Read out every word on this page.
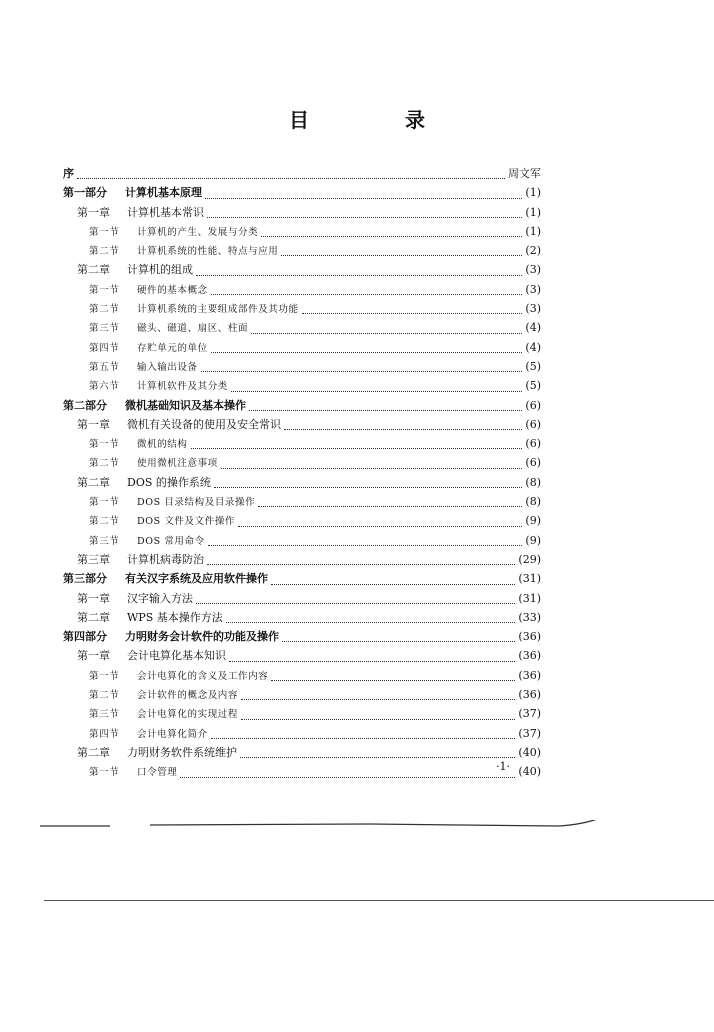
目　录
序	周文军
第一部分 计算机基本原理	(1)
第一章 计算机基本常识	(1)
第一节 计算机的产生、发展与分类	(1)
第二节 计算机系统的性能、特点与应用	(2)
第二章 计算机的组成	(3)
第一节 硬件的基本概念	(3)
第二节 计算机系统的主要组成部件及其功能	(3)
第三节 磁头、磁道、扇区、柱面	(4)
第四节 存贮单元的单位	(4)
第五节 输入输出设备	(5)
第六节 计算机软件及其分类	(5)
第二部分 微机基础知识及基本操作	(6)
第一章 微机有关设备的使用及安全常识	(6)
第一节 微机的结构	(6)
第二节 使用微机注意事项	(6)
第二章 DOS 的操作系统	(8)
第一节 DOS 目录结构及目录操作	(8)
第二节 DOS 文件及文件操作	(9)
第三节 DOS 常用命令	(9)
第三章 计算机病毒防治	(29)
第三部分 有关汉字系统及应用软件操作	(31)
第一章 汉字输入方法	(31)
第二章 WPS 基本操作方法	(33)
第四部分 力明财务会计软件的功能及操作	(36)
第一章 会计电算化基本知识	(36)
第一节 会计电算化的含义及工作内容	(36)
第二节 会计软件的概念及内容	(36)
第三节 会计电算化的实现过程	(37)
第四节 会计电算化简介	(37)
第二章 力明财务软件系统维护	(40)
第一节 口令管理	(40)
·1·
